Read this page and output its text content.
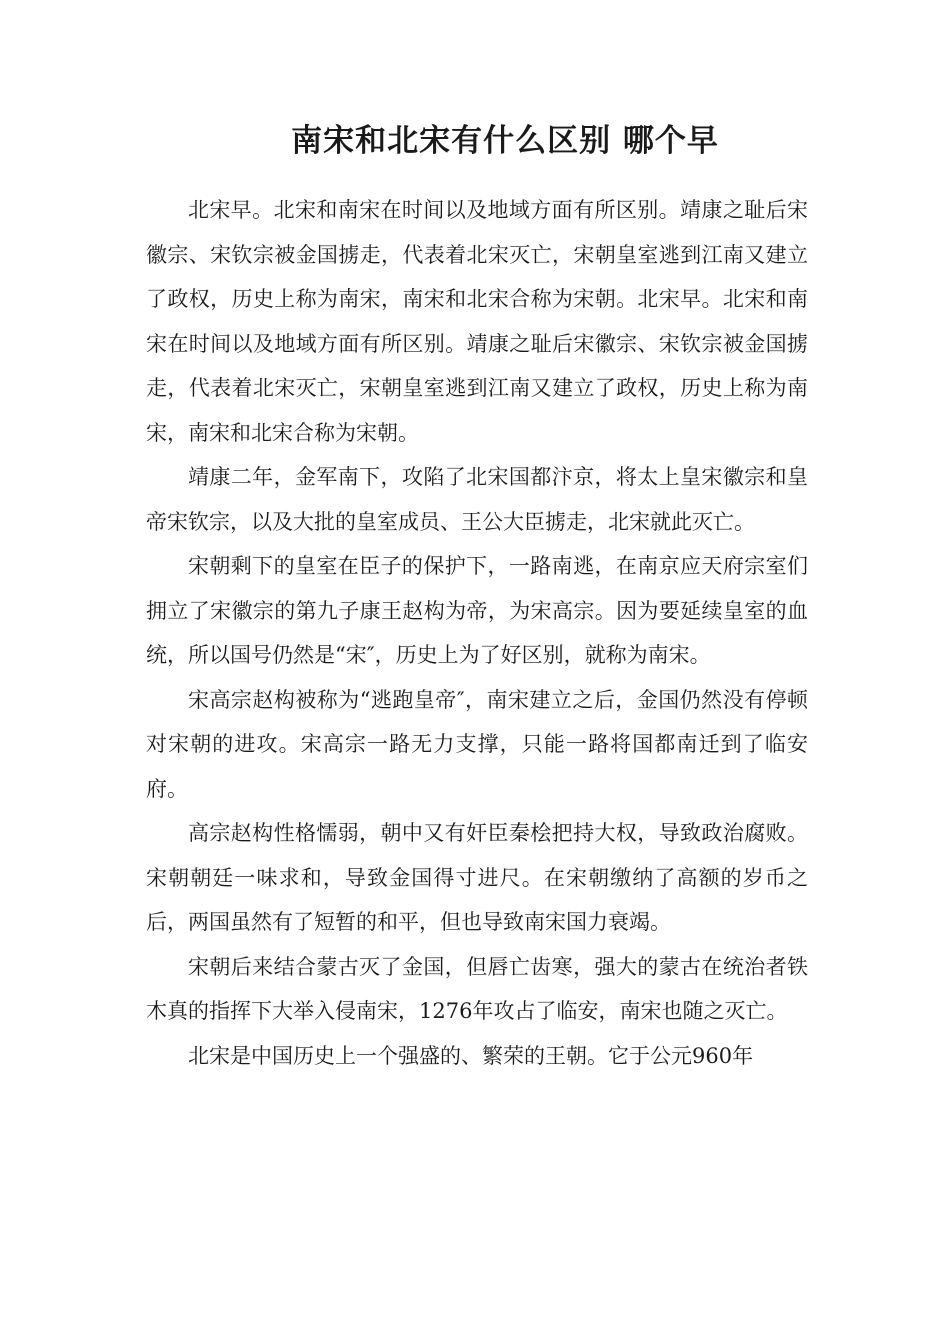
南宋和北宋有什么区别 哪个早

北宋早。北宋和南宋在时间以及地域方面有所区别。靖康之耻后宋徽宗、宋钦宗被金国掳走，代表着北宋灭亡，宋朝皇室逃到江南又建立了政权，历史上称为南宋，南宋和北宋合称为宋朝。北宋早。北宋和南宋在时间以及地域方面有所区别。靖康之耻后宋徽宗、宋钦宗被金国掳走，代表着北宋灭亡，宋朝皇室逃到江南又建立了政权，历史上称为南宋，南宋和北宋合称为宋朝。

靖康二年，金军南下，攻陷了北宋国都汴京，将太上皇宋徽宗和皇帝宋钦宗，以及大批的皇室成员、王公大臣掳走，北宋就此灭亡。

宋朝剩下的皇室在臣子的保护下，一路南逃，在南京应天府宗室们拥立了宋徽宗的第九子康王赵构为帝，为宋高宗。因为要延续皇室的血统，所以国号仍然是“宋″，历史上为了好区别，就称为南宋。

宋高宗赵构被称为“逃跑皇帝″，南宋建立之后，金国仍然没有停顿对宋朝的进攻。宋高宗一路无力支撑，只能一路将国都南迁到了临安府。

高宗赵构性格懦弱，朝中又有奸臣秦桧把持大权，导致政治腐败。宋朝朝廷一味求和，导致金国得寸进尺。在宋朝缴纳了高额的岁币之后，两国虽然有了短暂的和平，但也导致南宋国力衰竭。

宋朝后来结合蒙古灭了金国，但唇亡齿寒，强大的蒙古在统治者铁木真的指挥下大举入侵南宋，1276年攻占了临安，南宋也随之灭亡。

北宋是中国历史上一个强盛的、繁荣的王朝。它于公元960年
